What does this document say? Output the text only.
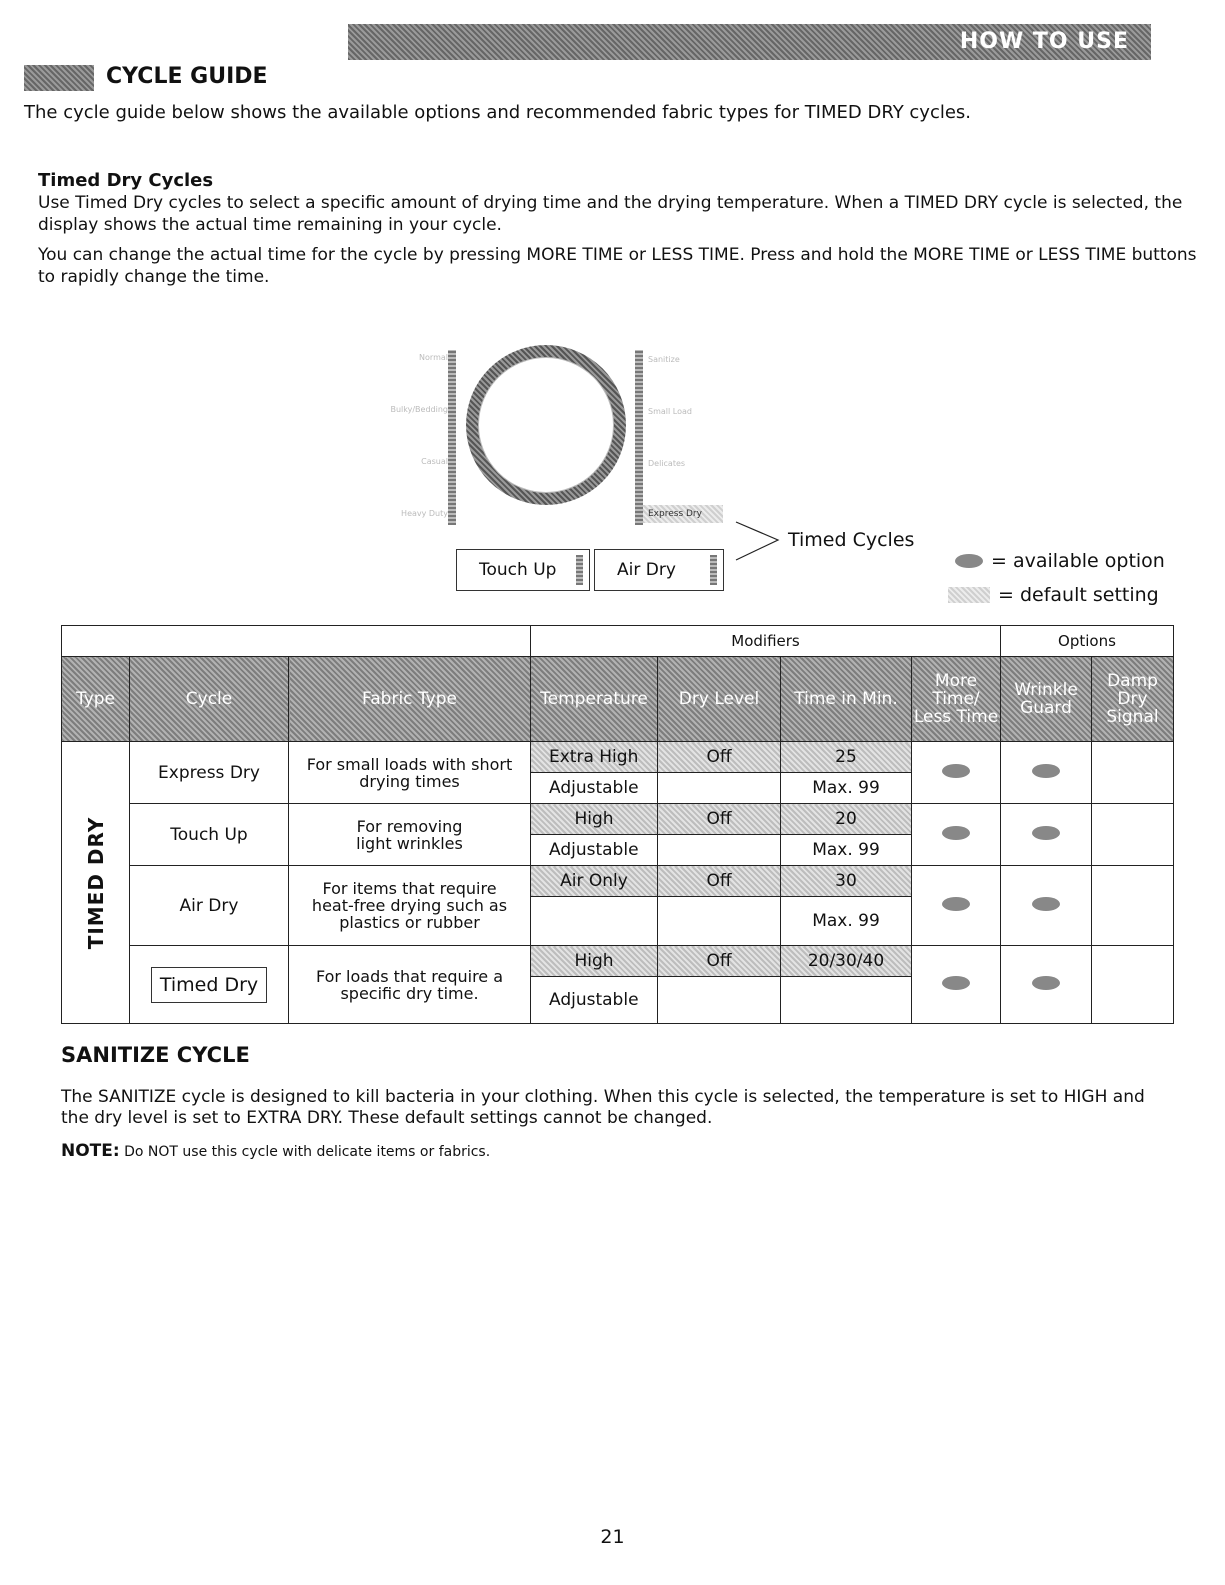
HOW TO USE
CYCLE GUIDE
The cycle guide below shows the available options and recommended fabric types for TIMED DRY cycles.
Timed Dry Cycles
Use Timed Dry cycles to select a specific amount of drying time and the drying temperature. When a TIMED DRY cycle is selected, the display shows the actual time remaining in your cycle.
You can change the actual time for the cycle by pressing MORE TIME or LESS TIME. Press and hold the MORE TIME or LESS TIME buttons to rapidly change the time.
Normal
Bulky/Bedding
Casual
Heavy Duty
Sanitize
Small Load
Delicates
Express Dry
Touch Up	Air Dry
Timed Cycles
= available option
= default setting
			Modifiers				Options	
Type	Cycle	Fabric Type	Temperature	Dry Level	Time in Min.	More Time/ Less Time	Wrinkle Guard	Damp Dry Signal

TIMED DRY	Express Dry	For small loads with short drying times	Extra High	Off	25			
			Adjustable		Max. 99			
	Touch Up	For removing light wrinkles	High	Off	20			
			Adjustable		Max. 99			
	Air Dry	For items that require heat-free drying such as plastics or rubber	Air Only	Off	30			
					Max. 99			
	Timed Dry	For loads that require a specific dry time.	High	Off	20/30/40			
			Adjustable					
SANITIZE CYCLE
The SANITIZE cycle is designed to kill bacteria in your clothing. When this cycle is selected, the temperature is set to HIGH and the dry level is set to EXTRA DRY. These default settings cannot be changed.
NOTE: Do NOT use this cycle with delicate items or fabrics.
21
